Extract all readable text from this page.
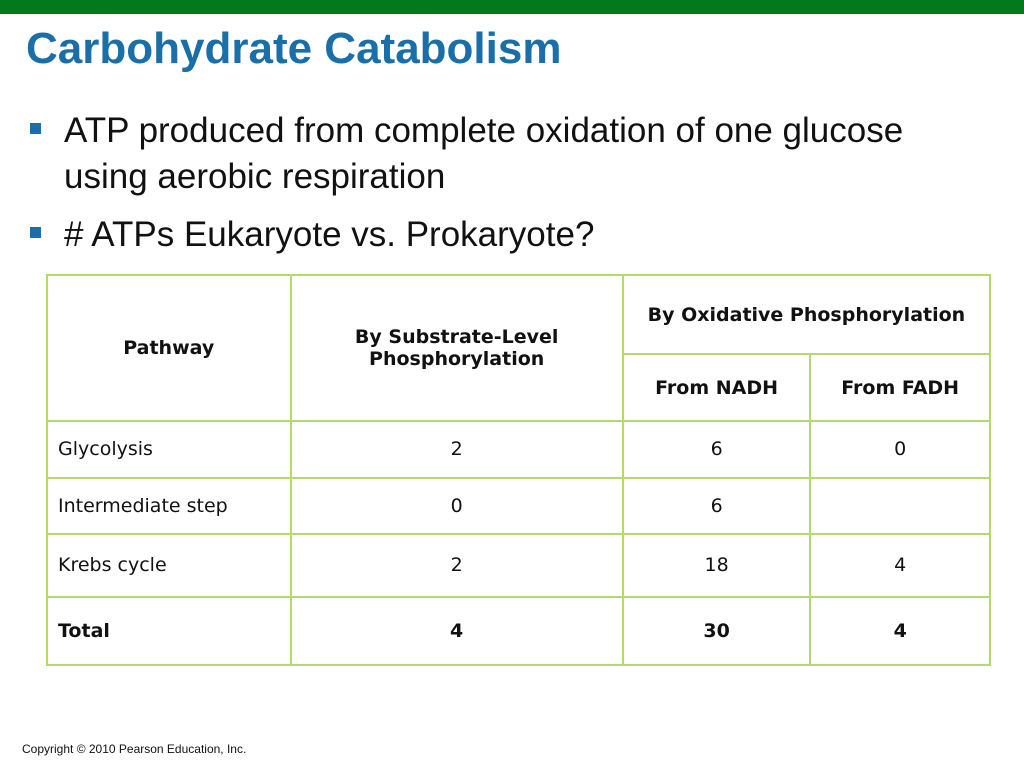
Carbohydrate Catabolism
ATP produced from complete oxidation of one glucose using aerobic respiration
# ATPs Eukaryote vs. Prokaryote?
Pathway	By Substrate-Level Phosphorylation	By Oxidative Phosphorylation	
		From NADH	From FADH
Glycolysis	2	6	0
Intermediate step	0	6	
Krebs cycle	2	18	4
Total	4	30	4
Copyright © 2010 Pearson Education, Inc.
